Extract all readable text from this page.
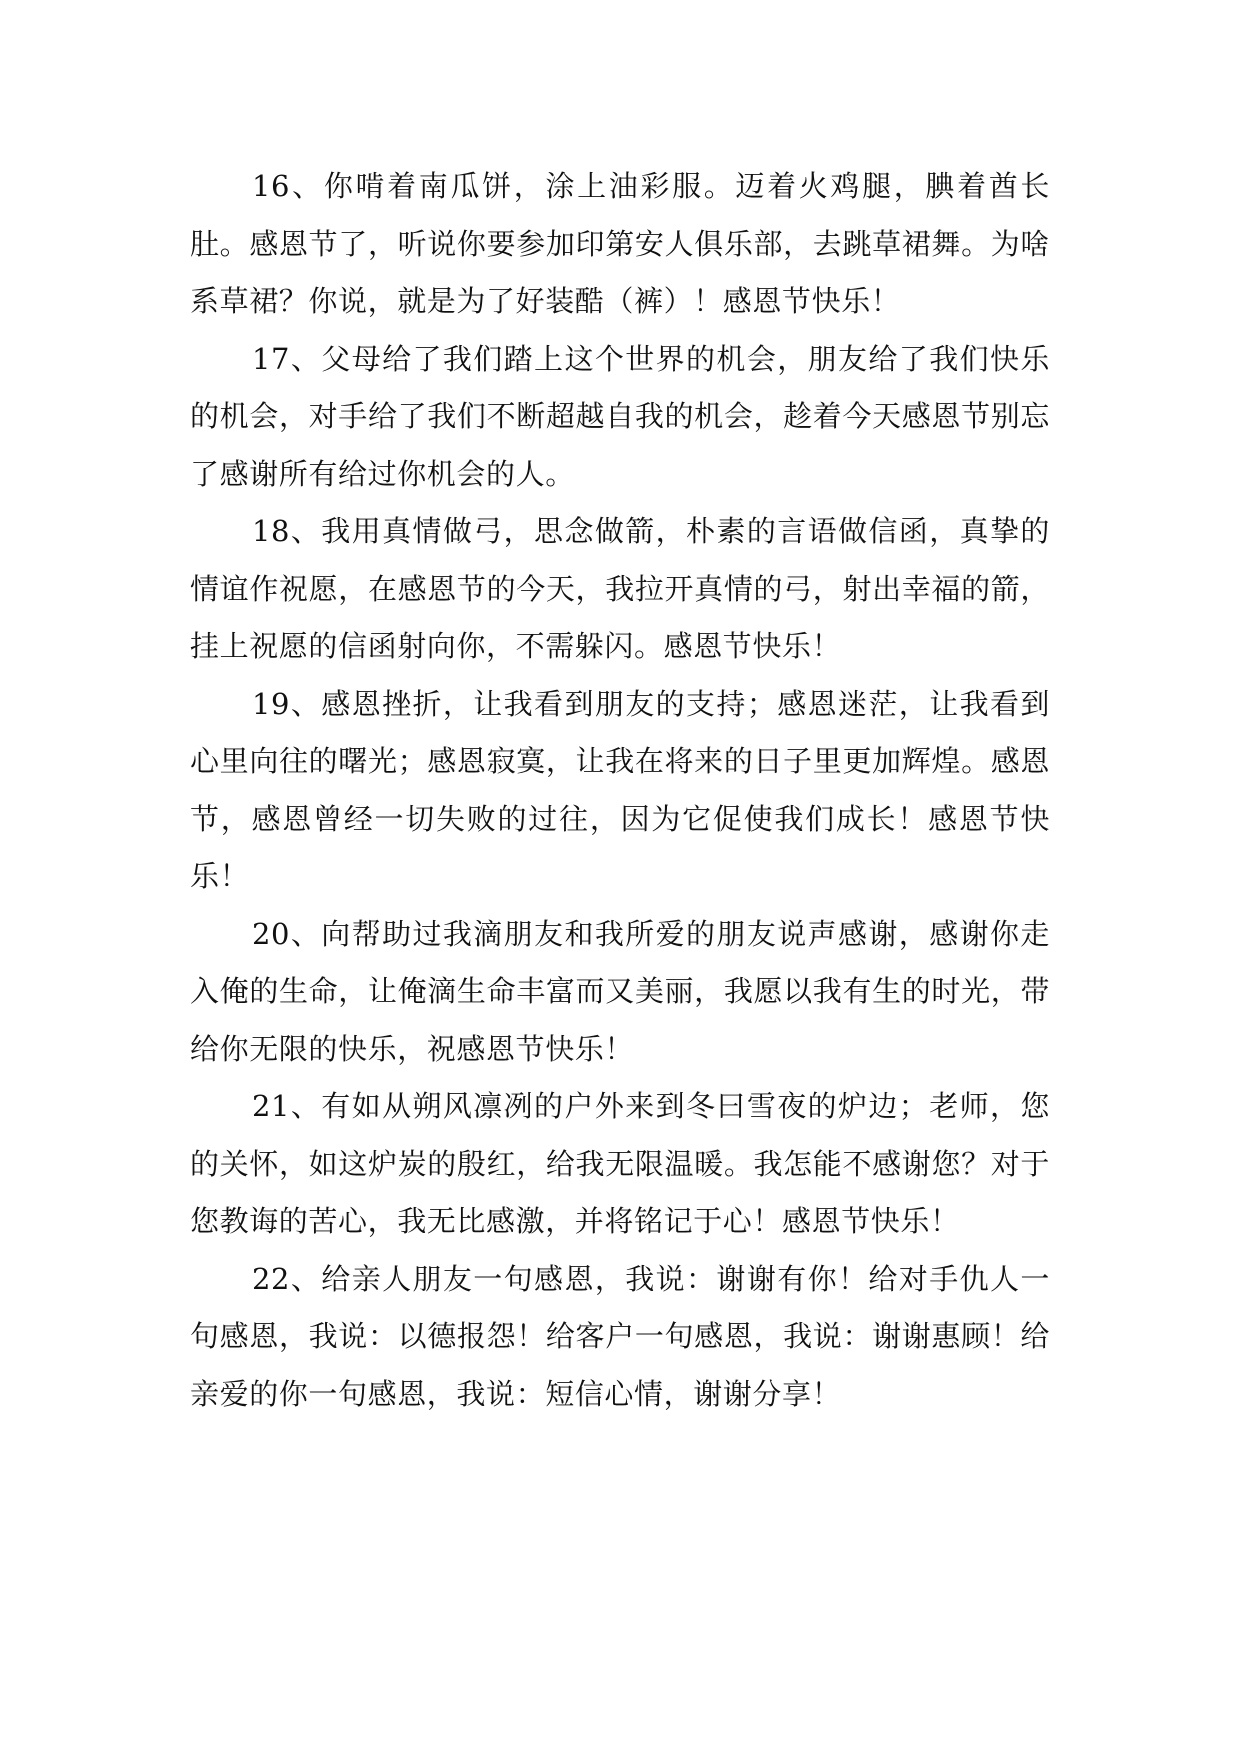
16、你啃着南瓜饼，涂上油彩服。迈着火鸡腿，腆着酋长肚。感恩节了，听说你要参加印第安人俱乐部，去跳草裙舞。为啥系草裙？你说，就是为了好装酷（裤）！感恩节快乐！

17、父母给了我们踏上这个世界的机会，朋友给了我们快乐的机会，对手给了我们不断超越自我的机会，趁着今天感恩节别忘了感谢所有给过你机会的人。

18、我用真情做弓，思念做箭，朴素的言语做信函，真挚的情谊作祝愿，在感恩节的今天，我拉开真情的弓，射出幸福的箭，挂上祝愿的信函射向你，不需躲闪。感恩节快乐！

19、感恩挫折，让我看到朋友的支持；感恩迷茫，让我看到心里向往的曙光；感恩寂寞，让我在将来的日子里更加辉煌。感恩节，感恩曾经一切失败的过往，因为它促使我们成长！感恩节快乐！

20、向帮助过我滴朋友和我所爱的朋友说声感谢，感谢你走入俺的生命，让俺滴生命丰富而又美丽，我愿以我有生的时光，带给你无限的快乐，祝感恩节快乐！

21、有如从朔风凛冽的户外来到冬曰雪夜的炉边；老师，您的关怀，如这炉炭的殷红，给我无限温暖。我怎能不感谢您？对于您教诲的苦心，我无比感激，并将铭记于心！感恩节快乐！

22、给亲人朋友一句感恩，我说：谢谢有你！给对手仇人一句感恩，我说：以德报怨！给客户一句感恩，我说：谢谢惠顾！给亲爱的你一句感恩，我说：短信心情，谢谢分享！
